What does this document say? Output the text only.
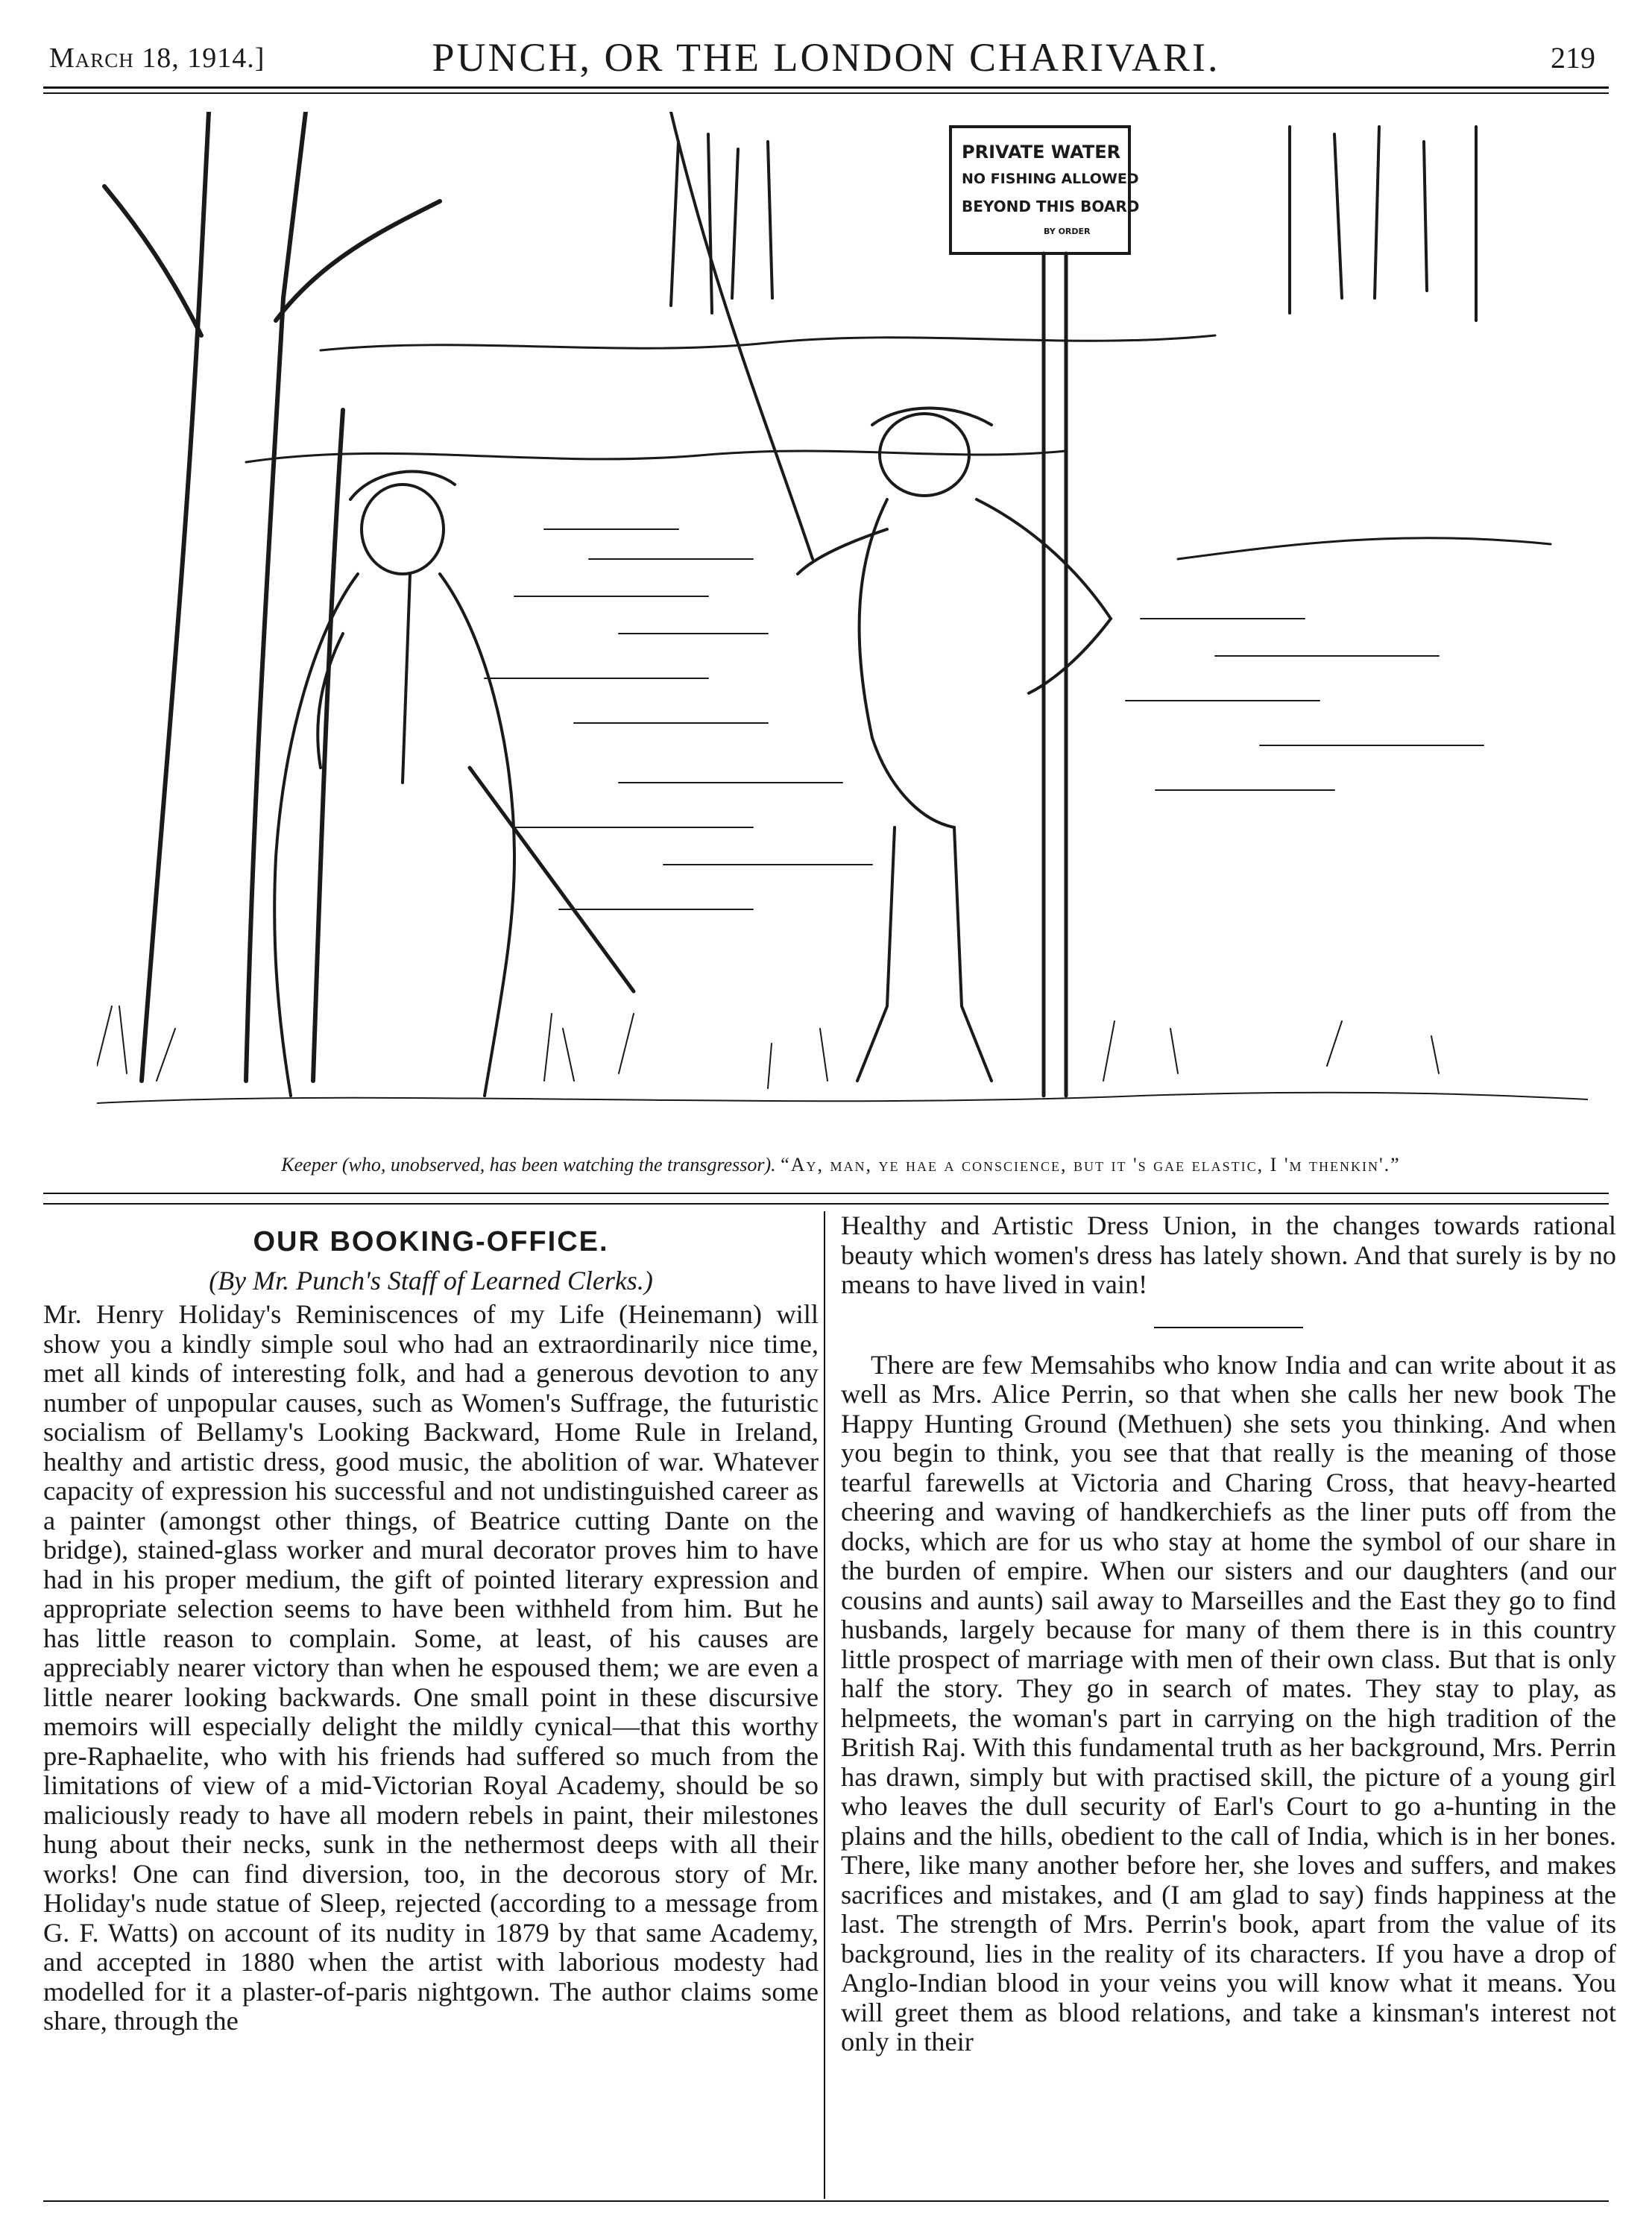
March 18, 1914.]	PUNCH, OR THE LONDON CHARIVARI.	219
PRIVATE WATER
NO FISHING ALLOWED
BEYOND THIS BOARD
BY ORDER
Keeper (who, unobserved, has been watching the transgressor). “Ay, man, ye hae a conscience, but it 's gae elastic, I 'm thenkin'.”
OUR BOOKING-OFFICE.
(By Mr. Punch's Staff of Learned Clerks.)

Mr. Henry Holiday's Reminiscences of my Life (Heinemann) will show you a kindly simple soul who had an extraordinarily nice time, met all kinds of interesting folk, and had a generous devotion to any number of unpopular causes, such as Women's Suffrage, the futuristic socialism of Bellamy's Looking Backward, Home Rule in Ireland, healthy and artistic dress, good music, the abolition of war. Whatever capacity of expression his successful and not undistinguished career as a painter (amongst other things, of Beatrice cutting Dante on the bridge), stained-glass worker and mural decorator proves him to have had in his proper medium, the gift of pointed literary expression and appropriate selection seems to have been withheld from him. But he has little reason to complain. Some, at least, of his causes are appreciably nearer victory than when he espoused them; we are even a little nearer looking backwards. One small point in these discursive memoirs will especially delight the mildly cynical—that this worthy pre-Raphaelite, who with his friends had suffered so much from the limitations of view of a mid-Victorian Royal Academy, should be so maliciously ready to have all modern rebels in paint, their milestones hung about their necks, sunk in the nethermost deeps with all their works! One can find diversion, too, in the decorous story of Mr. Holiday's nude statue of Sleep, rejected (according to a message from G. F. Watts) on account of its nudity in 1879 by that same Academy, and accepted in 1880 when the artist with laborious modesty had modelled for it a plaster-of-paris nightgown. The author claims some share, through the

Healthy and Artistic Dress Union, in the changes towards rational beauty which women's dress has lately shown. And that surely is by no means to have lived in vain!

There are few Memsahibs who know India and can write about it as well as Mrs. Alice Perrin, so that when she calls her new book The Happy Hunting Ground (Methuen) she sets you thinking. And when you begin to think, you see that that really is the meaning of those tearful farewells at Victoria and Charing Cross, that heavy-hearted cheering and waving of handkerchiefs as the liner puts off from the docks, which are for us who stay at home the symbol of our share in the burden of empire. When our sisters and our daughters (and our cousins and aunts) sail away to Marseilles and the East they go to find husbands, largely because for many of them there is in this country little prospect of marriage with men of their own class. But that is only half the story. They go in search of mates. They stay to play, as helpmeets, the woman's part in carrying on the high tradition of the British Raj. With this fundamental truth as her background, Mrs. Perrin has drawn, simply but with practised skill, the picture of a young girl who leaves the dull security of Earl's Court to go a-hunting in the plains and the hills, obedient to the call of India, which is in her bones. There, like many another before her, she loves and suffers, and makes sacrifices and mistakes, and (I am glad to say) finds happiness at the last. The strength of Mrs. Perrin's book, apart from the value of its background, lies in the reality of its characters. If you have a drop of Anglo-Indian blood in your veins you will know what it means. You will greet them as blood relations, and take a kinsman's interest not only in their
